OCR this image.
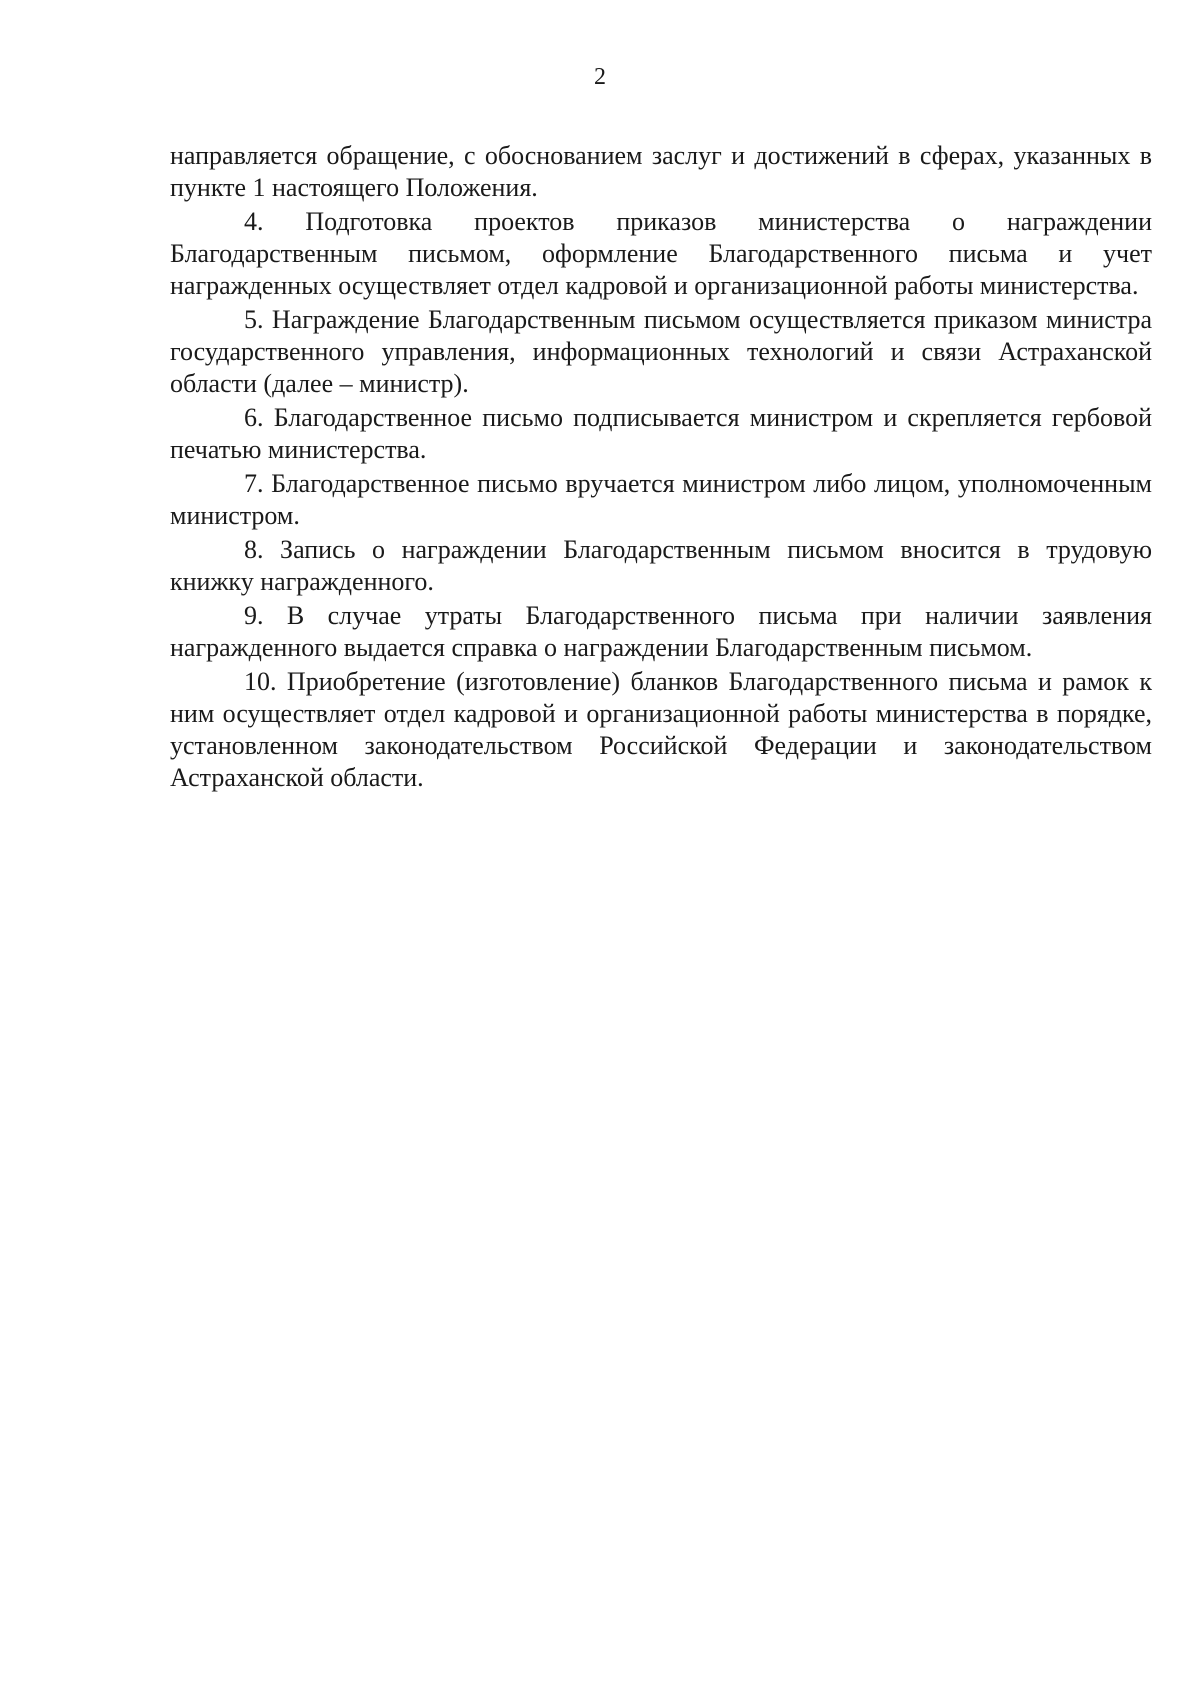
2

направляется обращение, с обоснованием заслуг и достижений в сферах, указанных в пункте 1 настоящего Положения.

4. Подготовка проектов приказов министерства о награждении Благодарственным письмом, оформление Благодарственного письма и учет награжденных осуществляет отдел кадровой и организационной работы министерства.

5. Награждение Благодарственным письмом осуществляется приказом министра государственного управления, информационных технологий и связи Астраханской области (далее – министр).

6. Благодарственное письмо подписывается министром и скрепляется гербовой печатью министерства.

7. Благодарственное письмо вручается министром либо лицом, уполномоченным министром.

8. Запись о награждении Благодарственным письмом вносится в трудовую книжку награжденного.

9. В случае утраты Благодарственного письма при наличии заявления награжденного выдается справка о награждении Благодарственным письмом.

10. Приобретение (изготовление) бланков Благодарственного письма и рамок к ним осуществляет отдел кадровой и организационной работы министерства в порядке, установленном законодательством Российской Федерации и законодательством Астраханской области.
